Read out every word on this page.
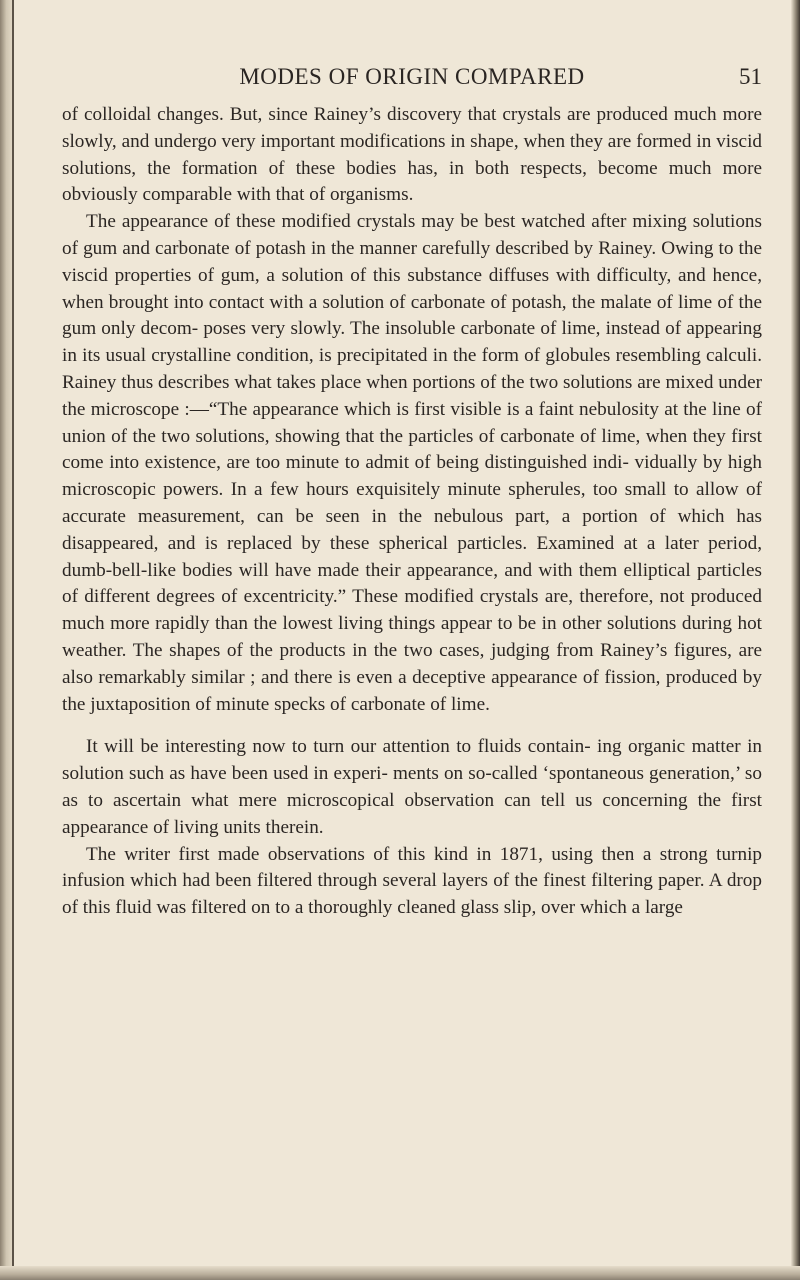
MODES OF ORIGIN COMPARED	51

of colloidal changes. But, since Rainey’s discovery that crystals are produced much more slowly, and undergo very important modifications in shape, when they are formed in viscid solutions, the formation of these bodies has, in both respects, become much more obviously comparable with that of organisms.

The appearance of these modified crystals may be best watched after mixing solutions of gum and carbonate of potash in the manner carefully described by Rainey. Owing to the viscid properties of gum, a solution of this substance diffuses with difficulty, and hence, when brought into contact with a solution of carbonate of potash, the malate of lime of the gum only decom- poses very slowly. The insoluble carbonate of lime, instead of appearing in its usual crystalline condition, is precipitated in the form of globules resembling calculi. Rainey thus describes what takes place when portions of the two solutions are mixed under the microscope :—“The appearance which is first visible is a faint nebulosity at the line of union of the two solutions, showing that the particles of carbonate of lime, when they first come into existence, are too minute to admit of being distinguished indi- vidually by high microscopic powers. In a few hours exquisitely minute spherules, too small to allow of accurate measurement, can be seen in the nebulous part, a portion of which has disappeared, and is replaced by these spherical particles. Examined at a later period, dumb-bell-like bodies will have made their appearance, and with them elliptical particles of different degrees of excentricity.” These modified crystals are, therefore, not produced much more rapidly than the lowest living things appear to be in other solutions during hot weather. The shapes of the products in the two cases, judging from Rainey’s figures, are also remarkably similar ; and there is even a deceptive appearance of fission, produced by the juxtaposition of minute specks of carbonate of lime.

It will be interesting now to turn our attention to fluids contain- ing organic matter in solution such as have been used in experi- ments on so-called ‘spontaneous generation,’ so as to ascertain what mere microscopical observation can tell us concerning the first appearance of living units therein.

The writer first made observations of this kind in 1871, using then a strong turnip infusion which had been filtered through several layers of the finest filtering paper. A drop of this fluid was filtered on to a thoroughly cleaned glass slip, over which a large
